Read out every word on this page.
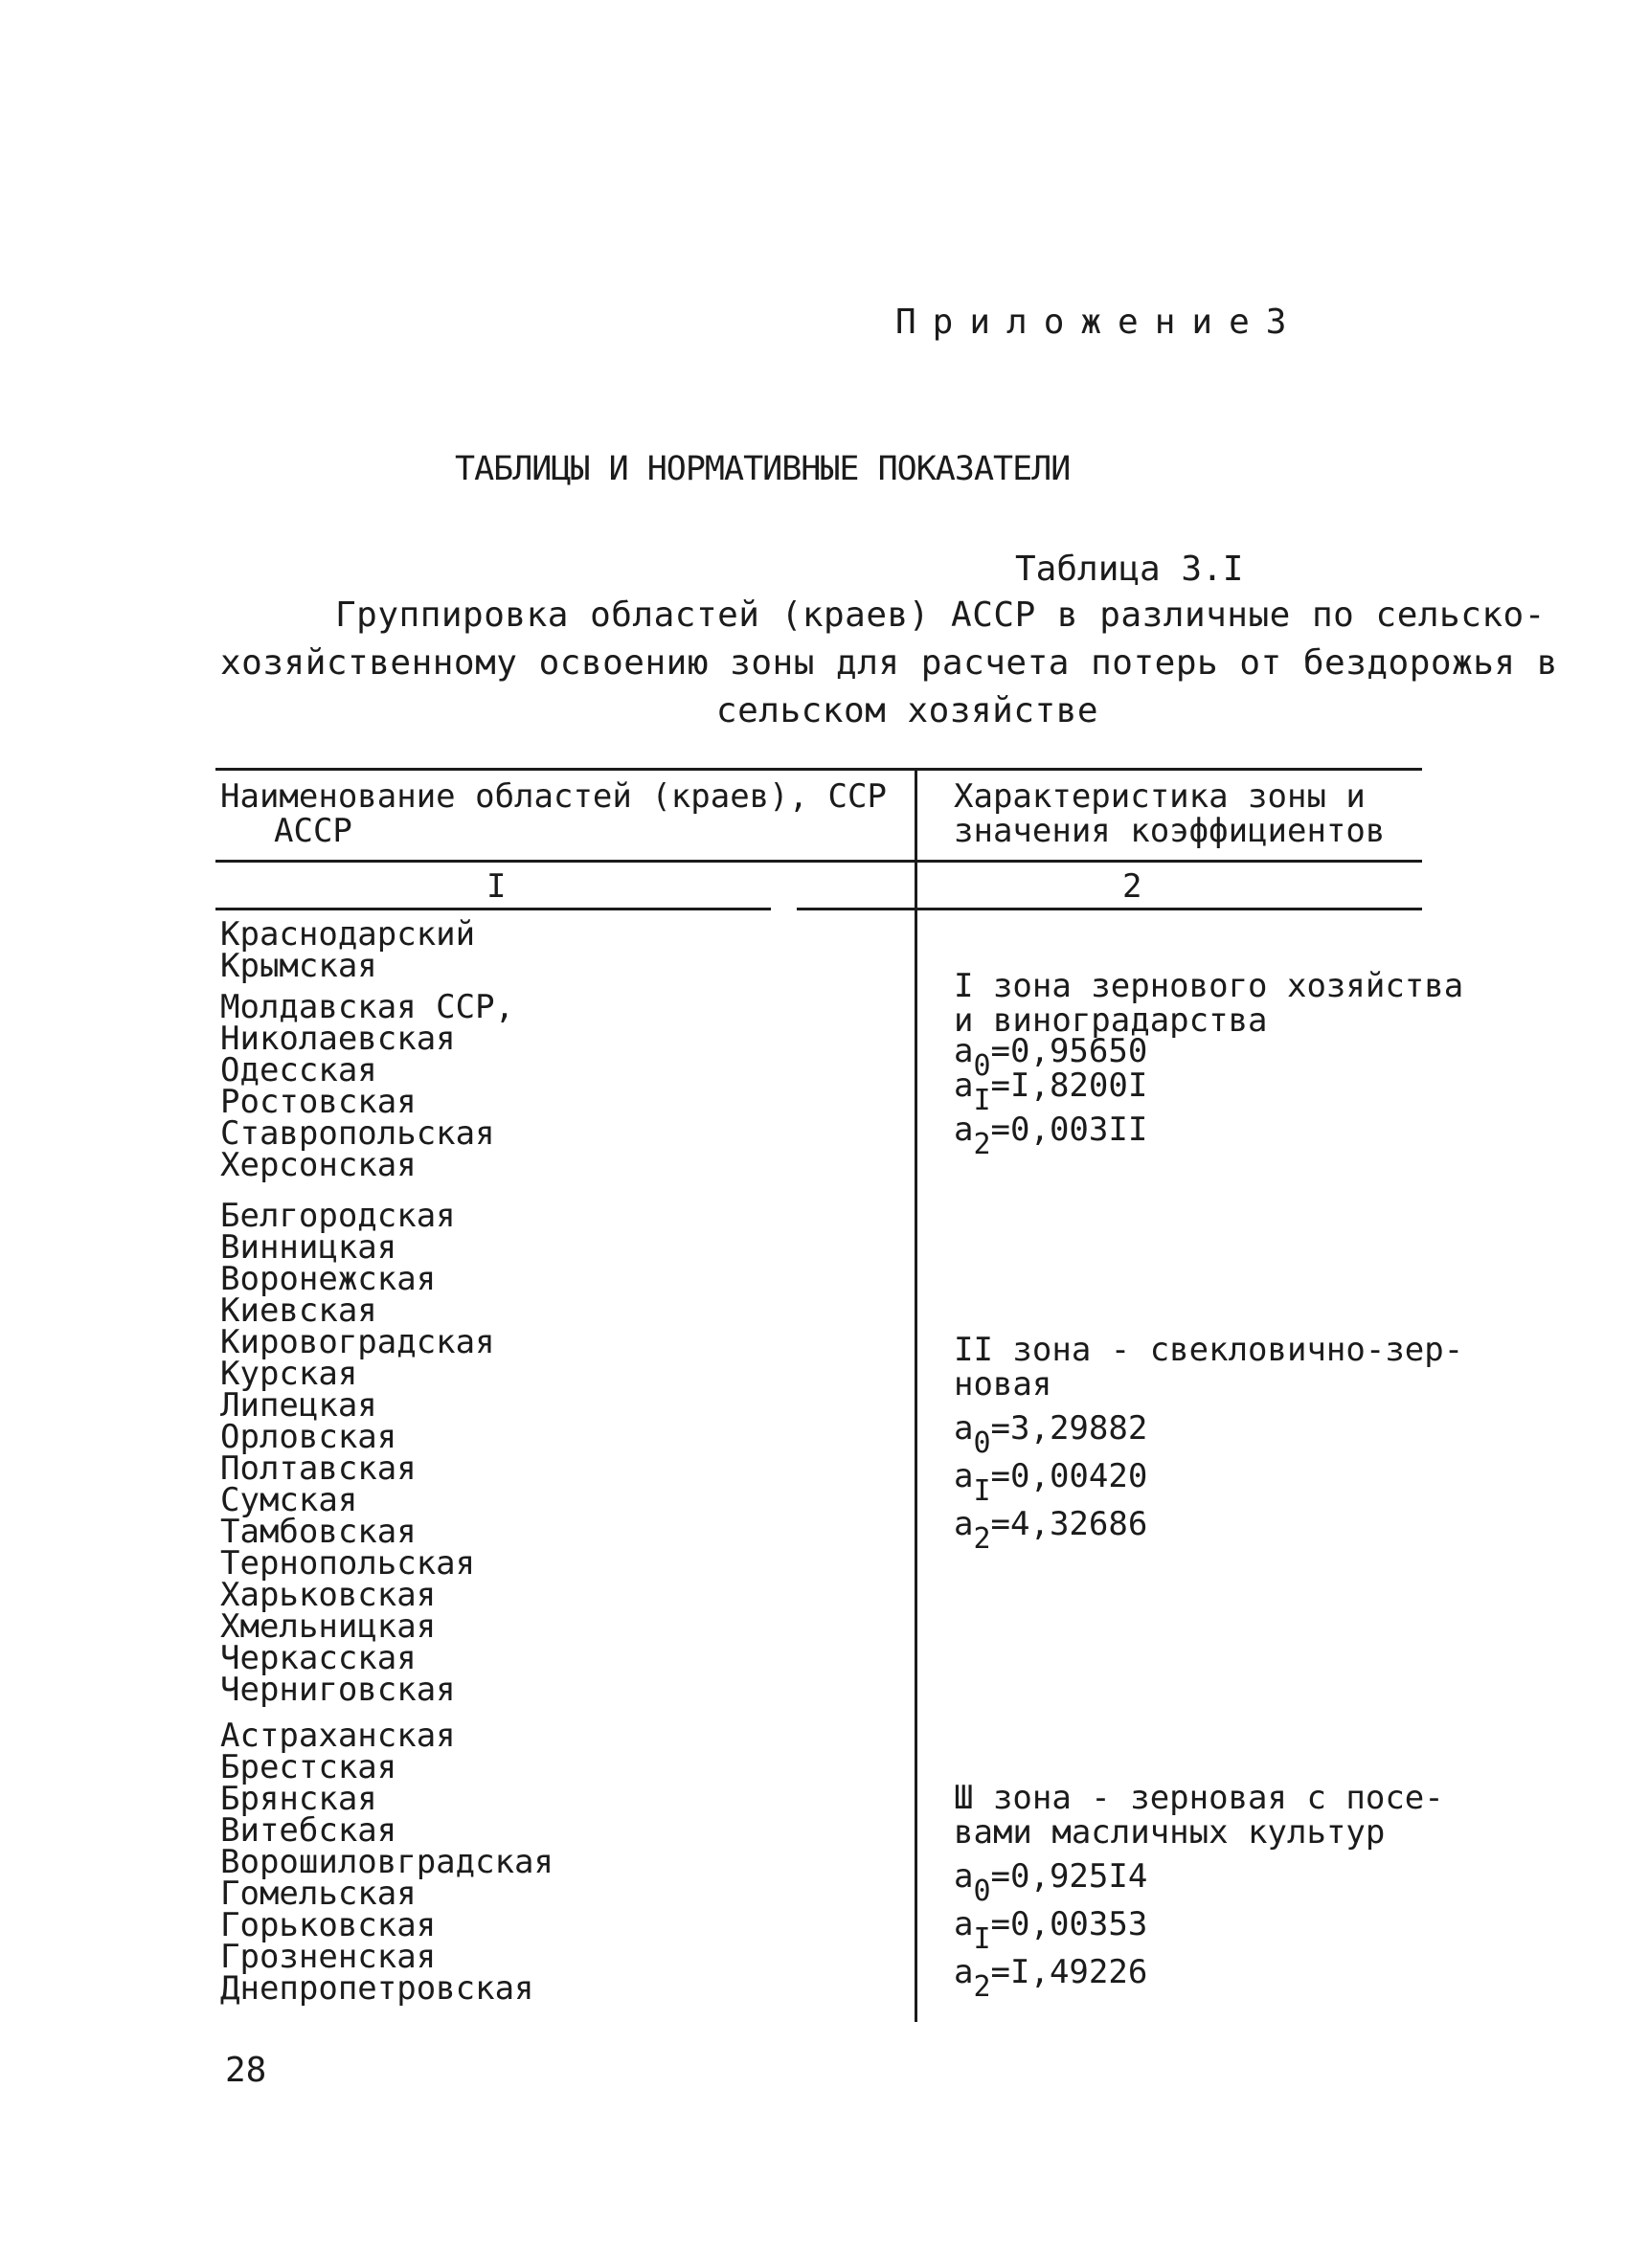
Приложение3
ТАБЛИЦЫ И НОРМАТИВНЫЕ ПОКАЗАТЕЛИ
Таблица 3.I
Группировка областей (краев) АССР в различные по сельско-
хозяйственному освоению зоны для расчета потерь от бездорожья в
сельском хозяйстве
Наименование областей (краев), ССР
АССР
Характеристика зоны и
значения коэффициентов
I	2
Краснодарский
Крымская
Молдавская ССР,
Николаевская
Одесская
Ростовская
Ставропольская
Херсонская
I зона зернового хозяйства
и виноградарства
$a_0=0,95650$
$a_I=I,8200I$
$a_2=0,003II$
Белгородская
Винницкая
Воронежская
Киевская
Кировоградская
Курская
Липецкая
Орловская
Полтавская
Сумская
Тамбовская
Тернопольская
Харьковская
Хмельницкая
Черкасская
Черниговская
II зона - свекловично-зер-
новая
$a_0=3,29882$
$a_I=0,00420$
$a_2=4,32686$
Астраханская
Брестская
Брянская
Витебская
Ворошиловградская
Гомельская
Горьковская
Грозненская
Днепропетровская
Ш зона - зерновая с посе-
вами масличных культур
$a_0=0,925I4$
$a_I=0,00353$
$a_2=I,49226$
28
